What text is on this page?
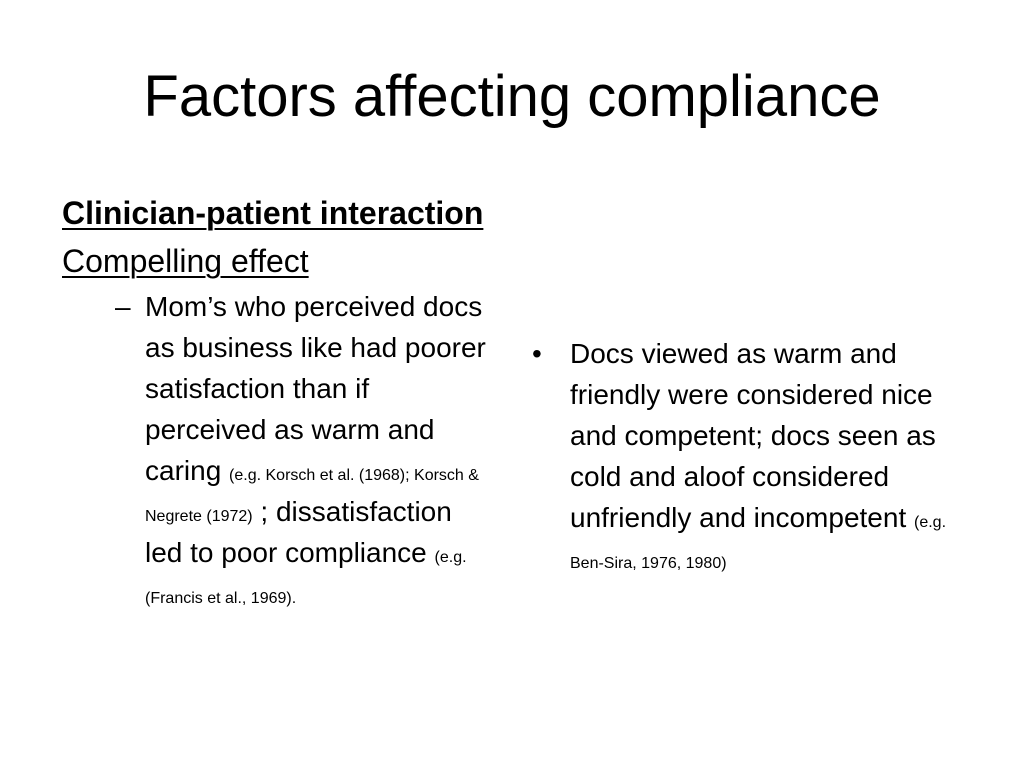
Factors affecting compliance
Clinician-patient interaction
Compelling effect
– Mom’s who perceived docs as business like had poorer satisfaction than if perceived as warm and caring (e.g. Korsch et al. (1968); Korsch & Negrete (1972) ; dissatisfaction led to poor compliance (e.g. (Francis et al., 1969).
•	Docs viewed as warm and friendly were considered nice and competent; docs seen as cold and aloof considered unfriendly and incompetent (e.g. Ben-Sira, 1976, 1980)
